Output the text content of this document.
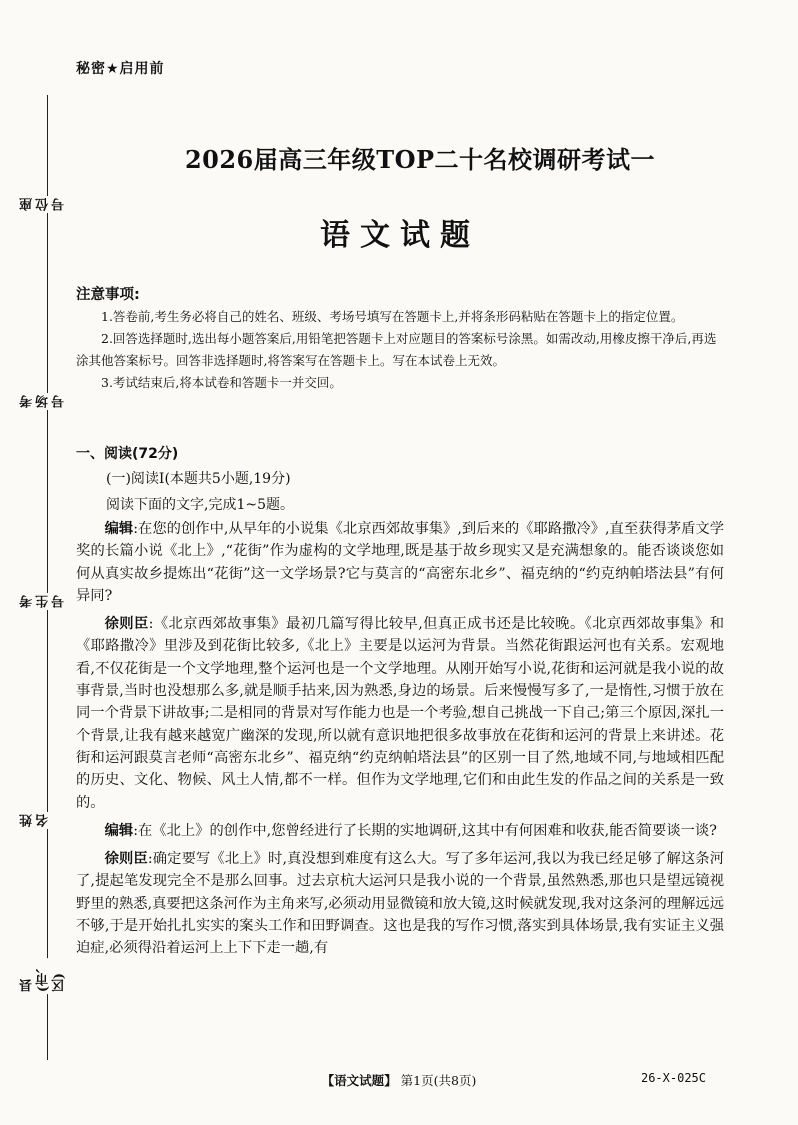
座位号
考场号
考生号
姓名
县(市、区)
秘密★启用前
2026届高三年级TOP二十名校调研考试一
语文试题
注意事项:

1.答卷前,考生务必将自己的姓名、班级、考场号填写在答题卡上,并将条形码粘贴在答题卡上的指定位置。

2.回答选择题时,选出每小题答案后,用铅笔把答题卡上对应题目的答案标号涂黑。如需改动,用橡皮擦干净后,再选涂其他答案标号。回答非选择题时,将答案写在答题卡上。写在本试卷上无效。

3.考试结束后,将本试卷和答题卡一并交回。

一、阅读(72分)
(一)阅读Ⅰ(本题共5小题,19分)
阅读下面的文字,完成1~5题。

编辑:在您的创作中,从早年的小说集《北京西郊故事集》,到后来的《耶路撒冷》,直至获得茅盾文学奖的长篇小说《北上》,“花街”作为虚构的文学地理,既是基于故乡现实又是充满想象的。能否谈谈您如何从真实故乡提炼出“花街”这一文学场景?它与莫言的“高密东北乡”、福克纳的“约克纳帕塔法县”有何异同?

徐则臣:《北京西郊故事集》最初几篇写得比较早,但真正成书还是比较晚。《北京西郊故事集》和《耶路撒冷》里涉及到花街比较多,《北上》主要是以运河为背景。当然花街跟运河也有关系。宏观地看,不仅花街是一个文学地理,整个运河也是一个文学地理。从刚开始写小说,花街和运河就是我小说的故事背景,当时也没想那么多,就是顺手拈来,因为熟悉,身边的场景。后来慢慢写多了,一是惰性,习惯于放在同一个背景下讲故事;二是相同的背景对写作能力也是一个考验,想自己挑战一下自己;第三个原因,深扎一个背景,让我有越来越宽广幽深的发现,所以就有意识地把很多故事放在花街和运河的背景上来讲述。花街和运河跟莫言老师“高密东北乡”、福克纳“约克纳帕塔法县”的区别一目了然,地域不同,与地域相匹配的历史、文化、物候、风土人情,都不一样。但作为文学地理,它们和由此生发的作品之间的关系是一致的。

编辑:在《北上》的创作中,您曾经进行了长期的实地调研,这其中有何困难和收获,能否简要谈一谈?

徐则臣:确定要写《北上》时,真没想到难度有这么大。写了多年运河,我以为我已经足够了解这条河了,提起笔发现完全不是那么回事。过去京杭大运河只是我小说的一个背景,虽然熟悉,那也只是望远镜视野里的熟悉,真要把这条河作为主角来写,必须动用显微镜和放大镜,这时候就发现,我对这条河的理解远远不够,于是开始扎扎实实的案头工作和田野调查。这也是我的写作习惯,落实到具体场景,我有实证主义强迫症,必须得沿着运河上上下下走一趟,有

【语文试题】 第1页(共8页)	26-X-025C
